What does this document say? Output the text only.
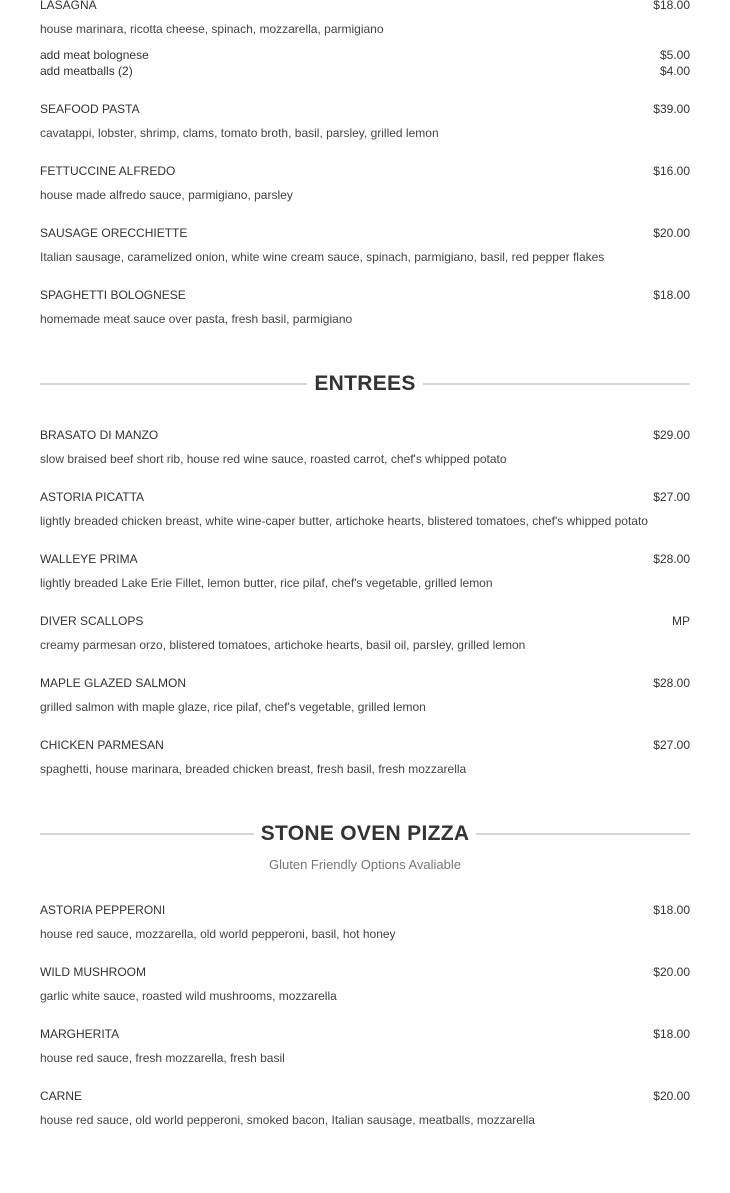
LASAGNA	$18.00
house marinara, ricotta cheese, spinach, mozzarella, parmigiano
add meat bolognese	$5.00
add meatballs (2)	$4.00
SEAFOOD PASTA	$39.00
cavatappi, lobster, shrimp, clams, tomato broth, basil, parsley, grilled lemon
FETTUCCINE ALFREDO	$16.00
house made alfredo sauce, parmigiano, parsley
SAUSAGE ORECCHIETTE	$20.00
Italian sausage, caramelized onion, white wine cream sauce, spinach, parmigiano, basil, red pepper flakes
SPAGHETTI BOLOGNESE	$18.00
homemade meat sauce over pasta, fresh basil, parmigiano
ENTREES
BRASATO DI MANZO	$29.00
slow braised beef short rib, house red wine sauce, roasted carrot, chef's whipped potato
ASTORIA PICATTA	$27.00
lightly breaded chicken breast, white wine-caper butter, artichoke hearts, blistered tomatoes, chef's whipped potato
WALLEYE PRIMA	$28.00
lightly breaded Lake Erie Fillet, lemon butter, rice pilaf, chef's vegetable, grilled lemon
DIVER SCALLOPS	MP
creamy parmesan orzo, blistered tomatoes, artichoke hearts, basil oil, parsley, grilled lemon
MAPLE GLAZED SALMON	$28.00
grilled salmon with maple glaze, rice pilaf, chef's vegetable, grilled lemon
CHICKEN PARMESAN	$27.00
spaghetti, house marinara, breaded chicken breast, fresh basil, fresh mozzarella
STONE OVEN PIZZA
Gluten Friendly Options Avaliable
ASTORIA PEPPERONI	$18.00
house red sauce, mozzarella, old world pepperoni, basil, hot honey
WILD MUSHROOM	$20.00
garlic white sauce, roasted wild mushrooms, mozzarella
MARGHERITA	$18.00
house red sauce, fresh mozzarella, fresh basil
CARNE	$20.00
house red sauce, old world pepperoni, smoked bacon, Italian sausage, meatballs, mozzarella
